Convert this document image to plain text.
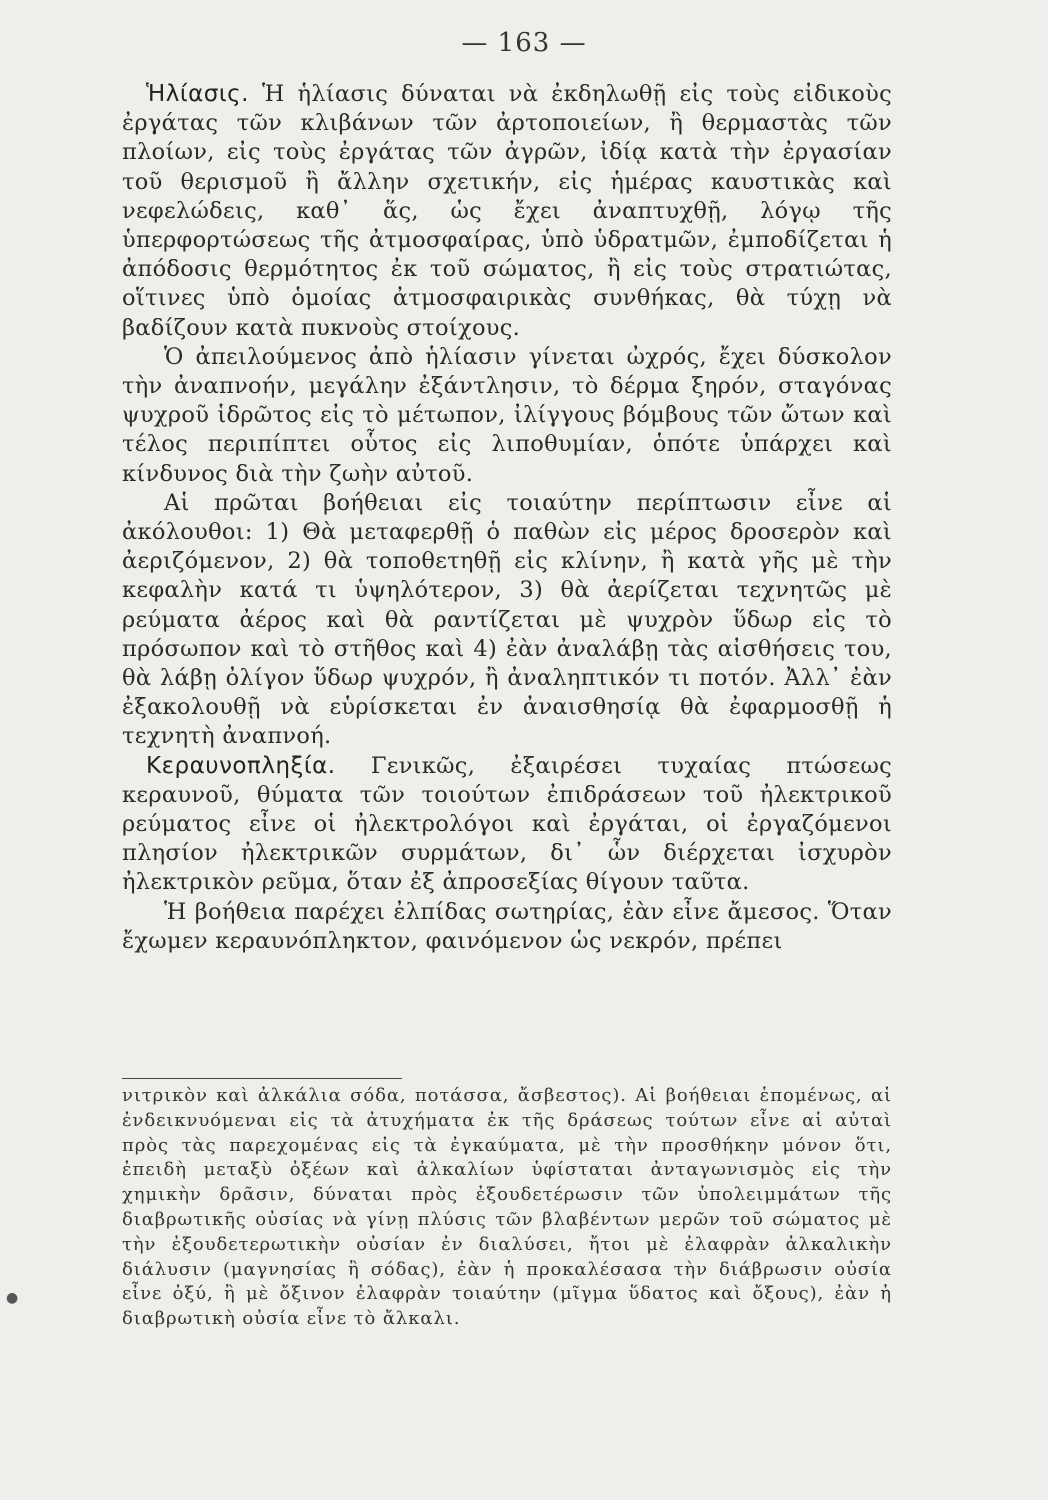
— 163 —

Ἡλίασις. Ἡ ἡλίασις δύναται νὰ ἐκδηλωθῇ εἰς τοὺς εἰδικοὺς ἐργάτας τῶν κλιβάνων τῶν ἀρτοποιείων, ἢ θερμαστὰς τῶν πλοίων, εἰς τοὺς ἐργάτας τῶν ἀγρῶν, ἰδίᾳ κατὰ τὴν ἐργασίαν τοῦ θερισμοῦ ἢ ἄλλην σχετικήν, εἰς ἡμέρας καυστικὰς καὶ νεφελώδεις, καθ᾽ ἅς, ὡς ἔχει ἀναπτυχθῇ, λόγῳ τῆς ὑπερφορτώσεως τῆς ἀτμοσφαίρας, ὑπὸ ὑδρατμῶν, ἐμποδίζεται ἡ ἀπόδοσις θερμότητος ἐκ τοῦ σώματος, ἢ εἰς τοὺς στρατιώτας, οἵτινες ὑπὸ ὁμοίας ἀτμοσφαιρικὰς συνθήκας, θὰ τύχῃ νὰ βαδίζουν κατὰ πυκνοὺς στοίχους.

Ὁ ἀπειλούμενος ἀπὸ ἡλίασιν γίνεται ὠχρός, ἔχει δύσκολον τὴν ἀναπνοήν, μεγάλην ἐξάντλησιν, τὸ δέρμα ξηρόν, σταγόνας ψυχροῦ ἱδρῶτος εἰς τὸ μέτωπον, ἰλίγγους βόμβους τῶν ὤτων καὶ τέλος περιπίπτει οὗτος εἰς λιποθυμίαν, ὁπότε ὑπάρχει καὶ κίνδυνος διὰ τὴν ζωὴν αὐτοῦ.

Αἱ πρῶται βοήθειαι εἰς τοιαύτην περίπτωσιν εἶνε αἱ ἀκόλουθοι: 1) Θὰ μεταφερθῇ ὁ παθὼν εἰς μέρος δροσερὸν καὶ ἀεριζόμενον, 2) θὰ τοποθετηθῇ εἰς κλίνην, ἢ κατὰ γῆς μὲ τὴν κεφαλὴν κατά τι ὑψηλότερον, 3) θὰ ἀερίζεται τεχνητῶς μὲ ρεύματα ἀέρος καὶ θὰ ραντίζεται μὲ ψυχρὸν ὕδωρ εἰς τὸ πρόσωπον καὶ τὸ στῆθος καὶ 4) ἐὰν ἀναλάβῃ τὰς αἰσθήσεις του, θὰ λάβῃ ὀλίγον ὕδωρ ψυχρόν, ἢ ἀναληπτικόν τι ποτόν. Ἀλλ᾽ ἐὰν ἐξακολουθῇ νὰ εὑρίσκεται ἐν ἀναισθησίᾳ θὰ ἐφαρμοσθῇ ἡ τεχνητὴ ἀναπνοή.

Κεραυνοπληξία. Γενικῶς, ἐξαιρέσει τυχαίας πτώσεως κεραυνοῦ, θύματα τῶν τοιούτων ἐπιδράσεων τοῦ ἠλεκτρικοῦ ρεύματος εἶνε οἱ ἠλεκτρολόγοι καὶ ἐργάται, οἱ ἐργαζόμενοι πλησίον ἠλεκτρικῶν συρμάτων, δι᾽ ὧν διέρχεται ἰσχυρὸν ἠλεκτρικὸν ρεῦμα, ὅταν ἐξ ἀπροσεξίας θίγουν ταῦτα.

Ἡ βοήθεια παρέχει ἐλπίδας σωτηρίας, ἐὰν εἶνε ἄμεσος. Ὅταν ἔχωμεν κεραυνόπληκτον, φαινόμενον ὡς νεκρόν, πρέπει

νιτρικὸν καὶ ἀλκάλια σόδα, ποτάσσα, ἄσβεστος). Αἱ βοήθειαι ἑπομένως, αἱ ἐνδεικνυόμεναι εἰς τὰ ἀτυχήματα ἐκ τῆς δράσεως τούτων εἶνε αἱ αὐταὶ πρὸς τὰς παρεχομένας εἰς τὰ ἐγκαύματα, μὲ τὴν προσθήκην μόνον ὅτι, ἐπειδὴ μεταξὺ ὀξέων καὶ ἀλκαλίων ὑφίσταται ἀνταγωνισμὸς εἰς τὴν χημικὴν δρᾶσιν, δύναται πρὸς ἐξουδετέρωσιν τῶν ὑπολειμμάτων τῆς διαβρωτικῆς οὐσίας νὰ γίνῃ πλύσις τῶν βλαβέντων μερῶν τοῦ σώματος μὲ τὴν ἐξουδετερωτικὴν οὐσίαν ἐν διαλύσει, ἤτοι μὲ ἐλαφρὰν ἀλκαλικὴν διάλυσιν (μαγνησίας ἢ σόδας), ἐὰν ἡ προκαλέσασα τὴν διάβρωσιν οὐσία εἶνε ὀξύ, ἢ μὲ ὄξινον ἐλαφρὰν τοιαύτην (μῖγμα ὕδατος καὶ ὄξους), ἐὰν ἡ διαβρωτικὴ οὐσία εἶνε τὸ ἄλκαλι.
●
